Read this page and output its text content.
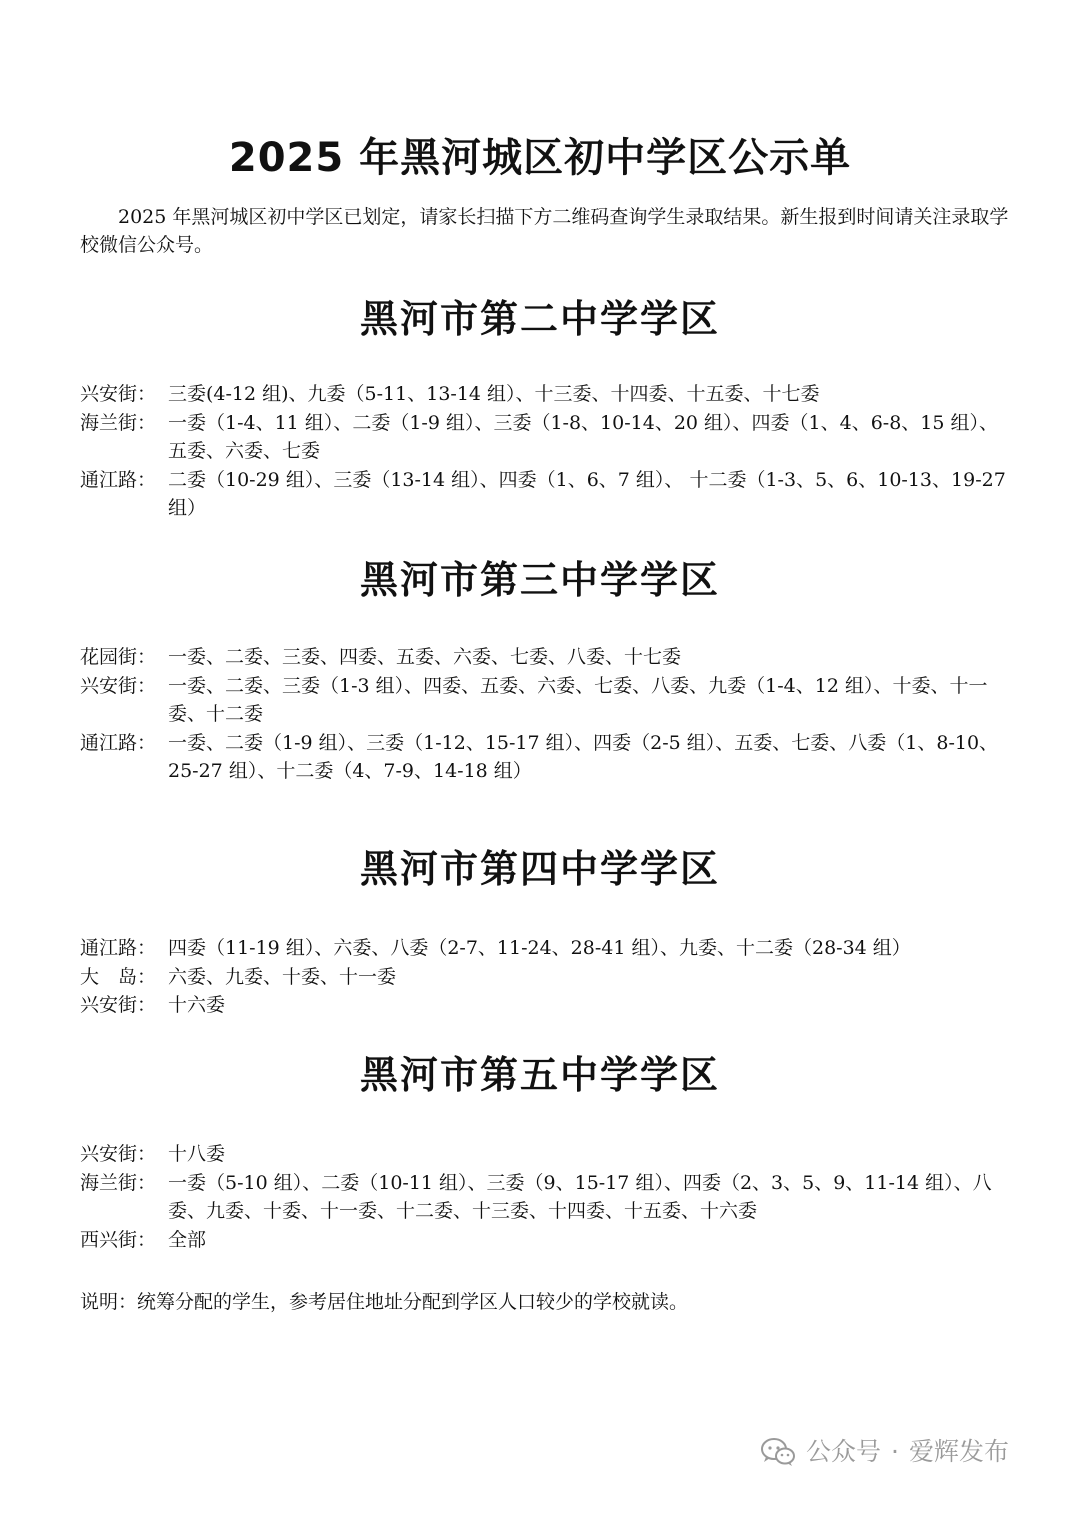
2025 年黑河城区初中学区公示单

2025 年黑河城区初中学区已划定，请家长扫描下方二维码查询学生录取结果。新生报到时间请关注录取学校微信公众号。

黑河市第二中学学区
兴安街： 三委(4-12 组)、九委（5-11、13-14 组）、十三委、十四委、十五委、十七委
海兰街： 一委（1-4、11 组）、二委（1-9 组）、三委（1-8、10-14、20 组）、四委（1、4、6-8、15 组）、五委、六委、七委
通江路： 二委（10-29 组）、三委（13-14 组）、四委（1、6、7 组）、 十二委（1-3、5、6、10-13、19-27 组）
黑河市第三中学学区
花园街： 一委、二委、三委、四委、五委、六委、七委、八委、十七委
兴安街： 一委、二委、三委（1-3 组）、四委、五委、六委、七委、八委、九委（1-4、12 组）、十委、十一委、十二委
通江路： 一委、二委（1-9 组）、三委（1-12、15-17 组）、四委（2-5 组）、五委、七委、八委（1、8-10、25-27 组）、十二委（4、7-9、14-18 组）
黑河市第四中学学区
通江路： 四委（11-19 组）、六委、八委（2-7、11-24、28-41 组）、九委、十二委（28-34 组）
大　岛： 六委、九委、十委、十一委
兴安街： 十六委
黑河市第五中学学区
兴安街： 十八委
海兰街： 一委（5-10 组）、二委（10-11 组）、三委（9、15-17 组）、四委（2、3、5、9、11-14 组）、八委、九委、十委、十一委、十二委、十三委、十四委、十五委、十六委
西兴街： 全部

说明：统筹分配的学生，参考居住地址分配到学区人口较少的学校就读。

公众号 · 爱辉发布
